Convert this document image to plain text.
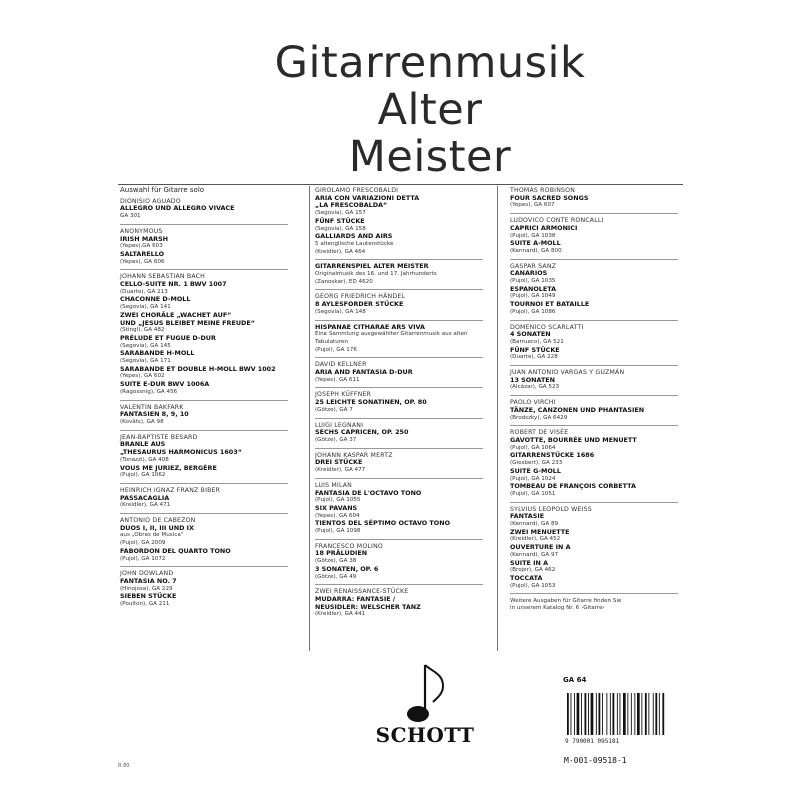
Gitarrenmusik
Alter
Meister
Auswahl für Gitarre solo
DIONISIO AGUADO
ALLEGRO UND ALLEGRO VIVACE
GA 301
ANONYMOUS
IRISH MARSH
(Yepes),GA 603
SALTARELLO
(Yepes), GA 606
JOHANN SEBASTIAN BACH
CELLO-SUITE NR. 1 BWV 1007
(Duarte), GA 213
CHACONNE D-MOLL
(Segovia), GA 141
ZWEI CHORÄLE „WACHET AUF“
UND „JESUS BLEIBET MEINE FREUDE“
(Stingl), GA 482
PRÉLUDE ET FUGUE D-DUR
(Segovia), GA 145
SARABANDE H-MOLL
(Segovia), GA 171
SARABANDE ET DOUBLE H-MOLL BWV 1002
(Yepes), GA 602
SUITE E-DUR BWV 1006A
(Ragossnig), GA 456
VALENTIN BAKFARK
FANTASIEN 8, 9, 10
(Kovâts), GA 98
JEAN-BAPTISTE BESARD
BRANLE AUS
„THESAURUS HARMONICUS 1603“
(Tonazzi), GA 408
VOUS ME JURIEZ, BERGÈRE
(Pujol), GA 1062
HEINRICH IGNAZ FRANZ BIBER
PASSACAGLIA
(Kreidler), GA 471
ANTONIO DE CABEZON
DUOS I, II, III UND IX
aus „Obras de Musica“
(Pujol), GA 2009
FABORDON DEL QUARTO TONO
(Pujol), GA 1072
JOHN DOWLAND
FANTASIA NO. 7
(Hinojosa), GA 229
SIEBEN STÜCKE
(Poulton), GA 211
GIROLAMO FRESCOBALDI
ARIA CON VARIAZIONI DETTA
„LA FRESCOBALDA“
(Segovia), GA 157
FÜNF STÜCKE
(Segovia), GA 158
GALLIARDS AND AIRS
5 altenglische Lautenstücke
(Kreidler), GA 464
GITARRENSPIEL ALTER MEISTER
Originalmusik des 16. und 17. Jahrhunderts
(Zanoskar), ED 4620
GEORG FRIEDRICH HÄNDEL
8 AYLESFORDER STÜCKE
(Segovia), GA 148
HISPANAE CITHARAE ARS VIVA
Eine Sammlung ausgewählter Gitarrenmusik aus alten Tabulaturen
(Pujol), GA 176
DAVID KELLNER
ARIA AND FANTASIA D-DUR
(Yepes), GA 611
JOSEPH KÜFFNER
25 LEICHTE SONATINEN, OP. 80
(Götze), GA 7
LUIGI LEGNANI
SECHS CAPRICEN, OP. 250
(Götze), GA 37
JOHANN KASPAR MERTZ
DREI STÜCKE
(Kreidler), GA 477
LUIS MILAN
FANTASIA DE L'OCTAVO TONO
(Pujol), GA 1055
SIX PAVANS
(Yepes), GA 604
TIENTOS DEL SÉPTIMO OCTAVO TONO
(Pujol), GA 1098
FRANCESCO MOLINO
18 PRÄLUDIEN
(Götze), GA 38
3 SONATEN, OP. 6
(Götze), GA 49
ZWEI RENAISSANCE-STÜCKE
MUDARRA: FANTASIE /
NEUSIDLER: WELSCHER TANZ
(Kreidler), GA 441
THOMAS ROBINSON
FOUR SACRED SONGS
(Yepes), GA 607
LUDOVICO CONTE RONCALLI
CAPRICI ARMONICI
(Pujol), GA 1038
SUITE A-MOLL
(Kennard), GA 800
GASPAR SANZ
CANARIOS
(Pujol), GA 1035
ESPANOLETA
(Pujol), GA 1049
TOURNOI ET BATAILLE
(Pujol), GA 1086
DOMENICO SCARLATTI
4 SONATEN
(Barrueco), GA 521
FÜNF STÜCKE
(Duarte), GA 228
JUAN ANTONIO VARGAS Y GUZMÁN
13 SONATEN
(Alcázar), GA 523
PAOLO VIRCHI
TÄNZE, CANZONEN UND PHANTASIEN
(Brodszky), GA 6429
ROBERT DE VISÉE
GAVOTTE, BOURRÉE UND MENUETT
(Pujol), GA 1064
GITARRENSTÜCKE 1686
(Giesbert), GA 233
SUITE G-MOLL
(Pujol), GA 1024
TOMBEAU DE FRANÇOIS CORBETTA
(Pujol), GA 1051
SYLVIUS LEOPOLD WEISS
FANTASIE
(Kennard), GA 89
ZWEI MENUETTE
(Kreidler), GA 452
OUVERTURE IN A
(Kennard), GA 97
SUITE IN A
(Brojer), GA 462
TOCCATA
(Pujol), GA 1053
Weitere Ausgaben für Gitarre finden Sie
in unserem Katalog Nr. 6 ›Gitarre‹
SCHOTT
GA 64
9 790001 095181
M-001-09518-1
R 80
